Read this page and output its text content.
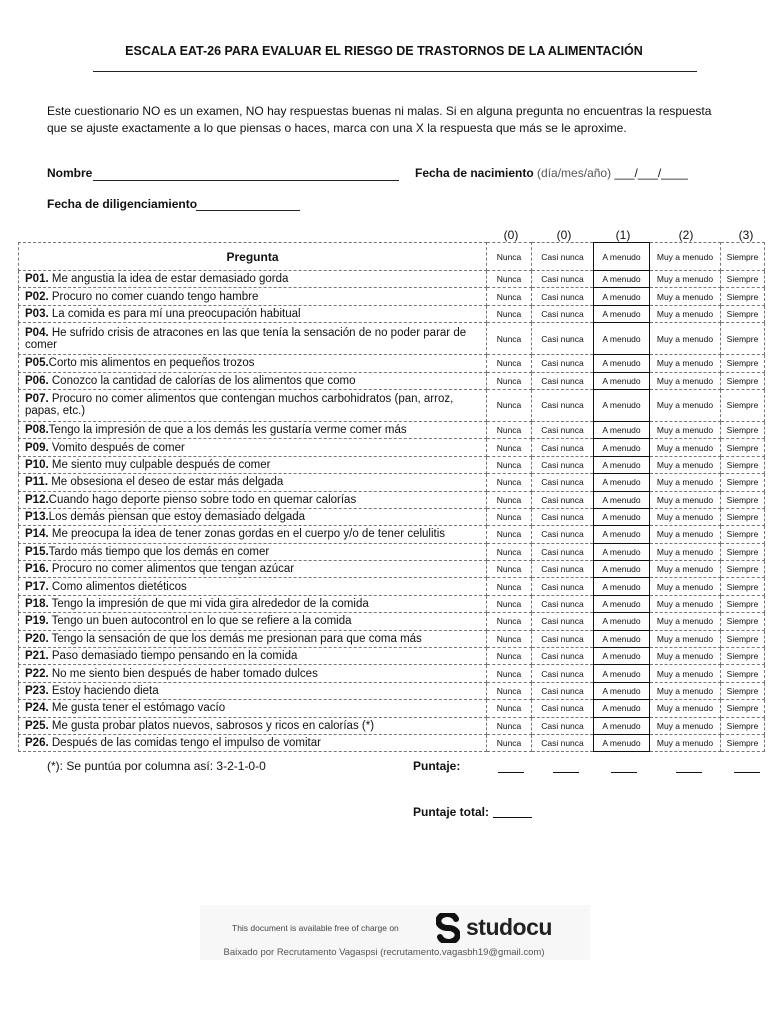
ESCALA EAT-26 PARA EVALUAR EL RIESGO DE TRASTORNOS DE LA ALIMENTACIÓN
Este cuestionario NO es un examen, NO hay respuestas buenas ni malas. Si en alguna pregunta no encuentras la respuesta que se ajuste exactamente a lo que piensas o haces, marca con una X la respuesta que más se le aproxime.
Nombre	Fecha de nacimiento (día/mes/año) ___/___/____
Fecha de diligenciamiento
(0)	(0)	(1)	(2)	(3)
Pregunta	Nunca	Casi nunca	A menudo	Muy a menudo	Siempre
P01. Me angustia la idea de estar demasiado gorda	Nunca	Casi nunca	A menudo	Muy a menudo	Siempre
P02. Procuro no comer cuando tengo hambre	Nunca	Casi nunca	A menudo	Muy a menudo	Siempre
P03. La comida es para mí una preocupación habitual	Nunca	Casi nunca	A menudo	Muy a menudo	Siempre
P04. He sufrido crisis de atracones en las que tenía la sensación de no poder parar de comer	Nunca	Casi nunca	A menudo	Muy a menudo	Siempre
P05.Corto mis alimentos en pequeños trozos	Nunca	Casi nunca	A menudo	Muy a menudo	Siempre
P06. Conozco la cantidad de calorías de los alimentos que como	Nunca	Casi nunca	A menudo	Muy a menudo	Siempre
P07. Procuro no comer alimentos que contengan muchos carbohidratos (pan, arroz, papas, etc.)	Nunca	Casi nunca	A menudo	Muy a menudo	Siempre
P08.Tengo la impresión de que a los demás les gustaría verme comer más	Nunca	Casi nunca	A menudo	Muy a menudo	Siempre
P09. Vomito después de comer	Nunca	Casi nunca	A menudo	Muy a menudo	Siempre
P10. Me siento muy culpable después de comer	Nunca	Casi nunca	A menudo	Muy a menudo	Siempre
P11. Me obsesiona el deseo de estar más delgada	Nunca	Casi nunca	A menudo	Muy a menudo	Siempre
P12.Cuando hago deporte pienso sobre todo en quemar calorías	Nunca	Casi nunca	A menudo	Muy a menudo	Siempre
P13.Los demás piensan que estoy demasiado delgada	Nunca	Casi nunca	A menudo	Muy a menudo	Siempre
P14. Me preocupa la idea de tener zonas gordas en el cuerpo y/o de tener celulitis	Nunca	Casi nunca	A menudo	Muy a menudo	Siempre
P15.Tardo más tiempo que los demás en comer	Nunca	Casi nunca	A menudo	Muy a menudo	Siempre
P16. Procuro no comer alimentos que tengan azúcar	Nunca	Casi nunca	A menudo	Muy a menudo	Siempre
P17. Como alimentos dietéticos	Nunca	Casi nunca	A menudo	Muy a menudo	Siempre
P18. Tengo la impresión de que mi vida gira alrededor de la comida	Nunca	Casi nunca	A menudo	Muy a menudo	Siempre
P19. Tengo un buen autocontrol en lo que se refiere a la comida	Nunca	Casi nunca	A menudo	Muy a menudo	Siempre
P20. Tengo la sensación de que los demás me presionan para que coma más	Nunca	Casi nunca	A menudo	Muy a menudo	Siempre
P21. Paso demasiado tiempo pensando en la comida	Nunca	Casi nunca	A menudo	Muy a menudo	Siempre
P22. No me siento bien después de haber tomado dulces	Nunca	Casi nunca	A menudo	Muy a menudo	Siempre
P23. Estoy haciendo dieta	Nunca	Casi nunca	A menudo	Muy a menudo	Siempre
P24. Me gusta tener el estómago vacío	Nunca	Casi nunca	A menudo	Muy a menudo	Siempre
P25. Me gusta probar platos nuevos, sabrosos y ricos en calorías (*)	Nunca	Casi nunca	A menudo	Muy a menudo	Siempre
P26. Después de las comidas tengo el impulso de vomitar	Nunca	Casi nunca	A menudo	Muy a menudo	Siempre
(*): Se puntúa por columna así: 3-2-1-0-0	Puntaje:
Puntaje total:
This document is available free of charge on	studocu
Baixado por Recrutamento Vagaspsi (recrutamento.vagasbh19@gmail.com)
